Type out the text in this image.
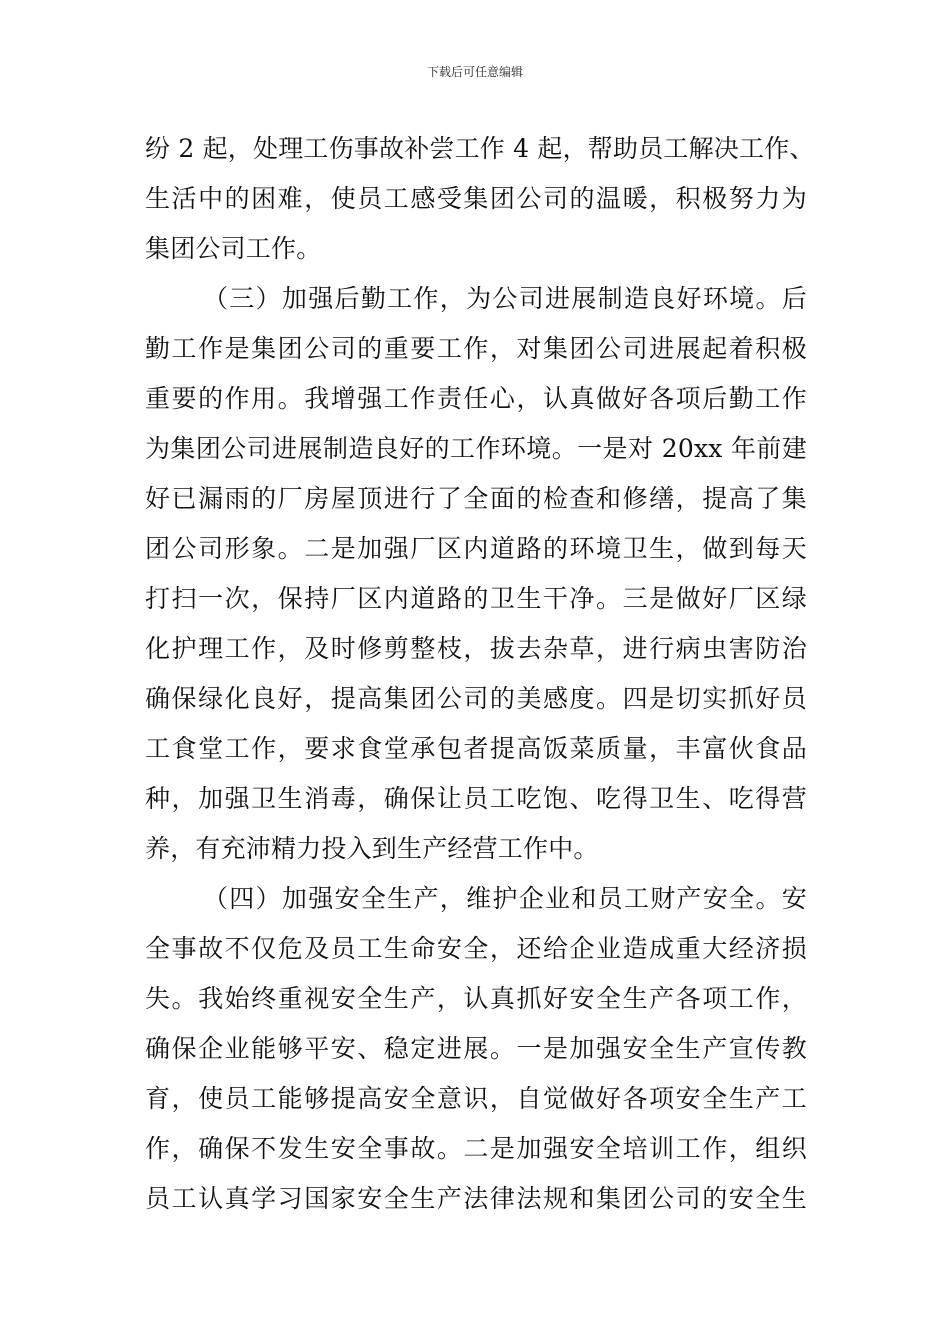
下载后可任意编辑
纷 2 起，处理工伤事故补尝工作 4 起，帮助员工解决工作、
生活中的困难，使员工感受集团公司的温暖，积极努力为
集团公司工作。
（三）加强后勤工作，为公司进展制造良好环境。后
勤工作是集团公司的重要工作，对集团公司进展起着积极
重要的作用。我增强工作责任心，认真做好各项后勤工作
为集团公司进展制造良好的工作环境。一是对 20xx 年前建
好已漏雨的厂房屋顶进行了全面的检查和修缮，提高了集
团公司形象。二是加强厂区内道路的环境卫生，做到每天
打扫一次，保持厂区内道路的卫生干净。三是做好厂区绿
化护理工作，及时修剪整枝，拔去杂草，进行病虫害防治
确保绿化良好，提高集团公司的美感度。四是切实抓好员
工食堂工作，要求食堂承包者提高饭菜质量，丰富伙食品
种，加强卫生消毒，确保让员工吃饱、吃得卫生、吃得营
养，有充沛精力投入到生产经营工作中。
（四）加强安全生产，维护企业和员工财产安全。安
全事故不仅危及员工生命安全，还给企业造成重大经济损
失。我始终重视安全生产，认真抓好安全生产各项工作，
确保企业能够平安、稳定进展。一是加强安全生产宣传教
育，使员工能够提高安全意识，自觉做好各项安全生产工
作，确保不发生安全事故。二是加强安全培训工作，组织
员工认真学习国家安全生产法律法规和集团公司的安全生
